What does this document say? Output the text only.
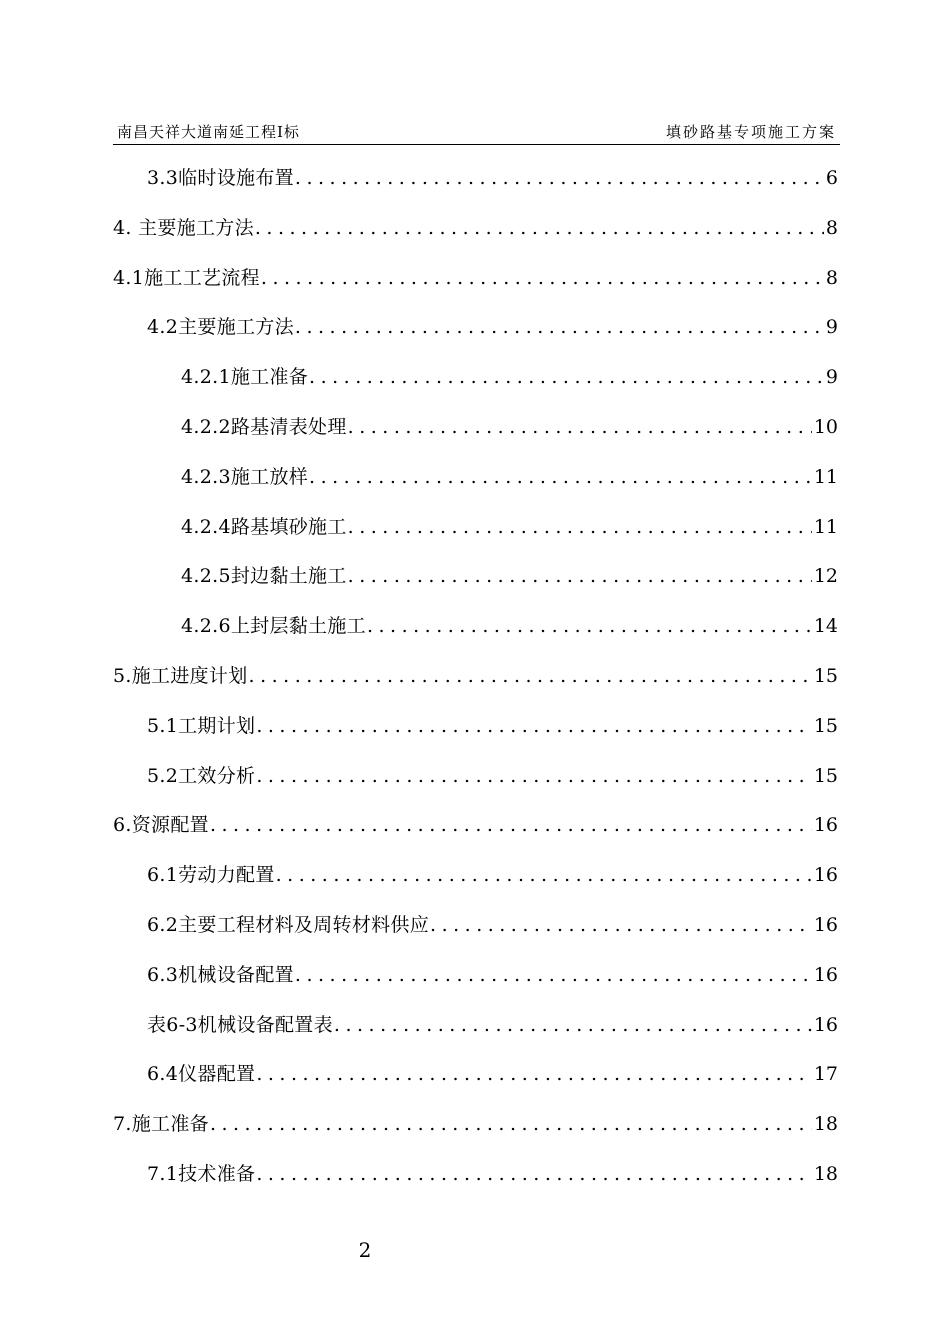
南昌天祥大道南延工程Ⅰ标	填砂路基专项施工方案
3.3临时设施布置 .....	6
4. 主要施工方法 .....	8
4.1施工工艺流程 .....	8
4.2主要施工方法 .....	9
4.2.1施工准备 .....	9
4.2.2路基清表处理 .....	10
4.2.3施工放样 .....	11
4.2.4路基填砂施工 .....	11
4.2.5封边黏土施工 .....	12
4.2.6上封层黏土施工 .....	14
5.施工进度计划 .....	15
5.1工期计划 .....	15
5.2工效分析 .....	15
6.资源配置 .....	16
6.1劳动力配置 .....	16
6.2主要工程材料及周转材料供应 .....	16
6.3机械设备配置 .....	16
表6-3机械设备配置表 .....	16
6.4仪器配置 .....	17
7.施工准备 .....	18
7.1技术准备 .....	18
2
